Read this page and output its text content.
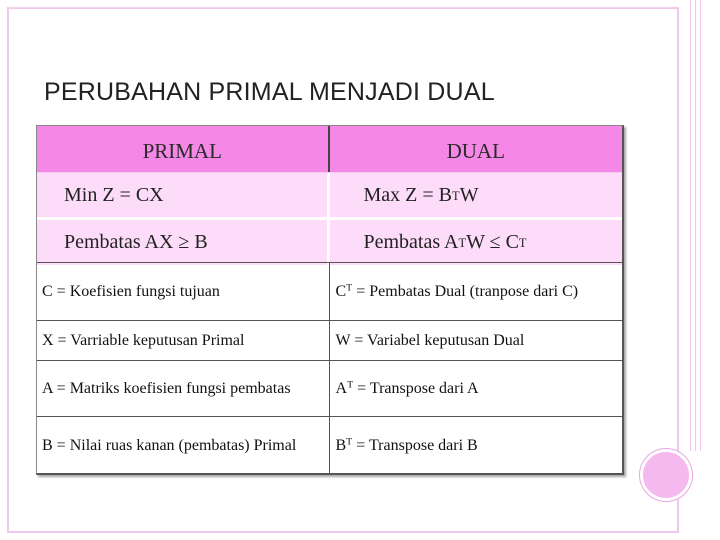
PERUBAHAN PRIMAL MENJADI DUAL
PRIMAL	DUAL
Min Z = CX	Max Z = B T W
Pembatas AX ≥ B	Pembatas A T W ≤ C T
C = Koefisien fungsi tujuan	$C^T$ = Pembatas Dual (tranpose dari C)
X = Varriable keputusan Primal	W = Variabel keputusan Dual
A = Matriks koefisien fungsi pembatas	$A^T$ = Transpose dari A
B = Nilai ruas kanan (pembatas) Primal	$B^T$ = Transpose dari B
